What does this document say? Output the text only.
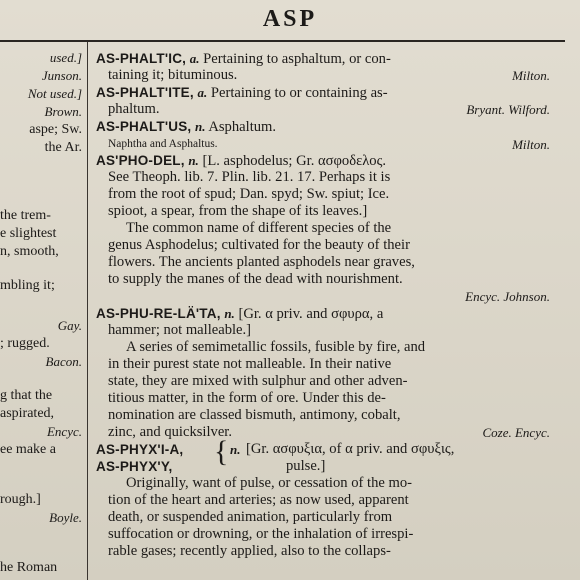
ASP
used.]
Junson.
Not used.]
Brown.
aspe; Sw.
the Ar.
the trem-
e slightest
n, smooth,
mbling it;
Gay.
; rugged.
Bacon.
g that the
aspirated,
Encyc.
ee make a
rough.]
Boyle.
he Roman
AS-PHALT'IC, a. Pertaining to asphaltum, or con-
taining it; bituminous.	Milton.
AS-PHALT'ITE, a. Pertaining to or containing as-
phaltum.	Bryant. Wilford.
AS-PHALT'US, n. Asphaltum.
Naphtha and Asphaltus.	Milton.
AS'PHO-DEL, n. [L. asphodelus; Gr. ασφοδελος.
See Theoph. lib. 7. Plin. lib. 21. 17. Perhaps it is
from the root of spud; Dan. spyd; Sw. spiut; Ice.
spioot, a spear, from the shape of its leaves.]
The common name of different species of the
genus Asphodelus; cultivated for the beauty of their
flowers. The ancients planted asphodels near graves,
to supply the manes of the dead with nourishment.
Encyc. Johnson.
AS-PHU-RE-LÄ'TA, n. [Gr. α priv. and σφυρα, a
hammer; not malleable.]
A series of semimetallic fossils, fusible by fire, and
in their purest state not malleable. In their native
state, they are mixed with sulphur and other adven-
titious matter, in the form of ore. Under this de-
nomination are classed bismuth, antimony, cobalt,
zinc, and quicksilver.	Coze. Encyc.
AS-PHYX'I-A, { n. [Gr. ασφυξια, of α priv. and σφυξις,
AS-PHYX'Y,	pulse.]
Originally, want of pulse, or cessation of the mo-
tion of the heart and arteries; as now used, apparent
death, or suspended animation, particularly from
suffocation or drowning, or the inhalation of irrespi-
rable gases; recently applied, also to the collaps-
